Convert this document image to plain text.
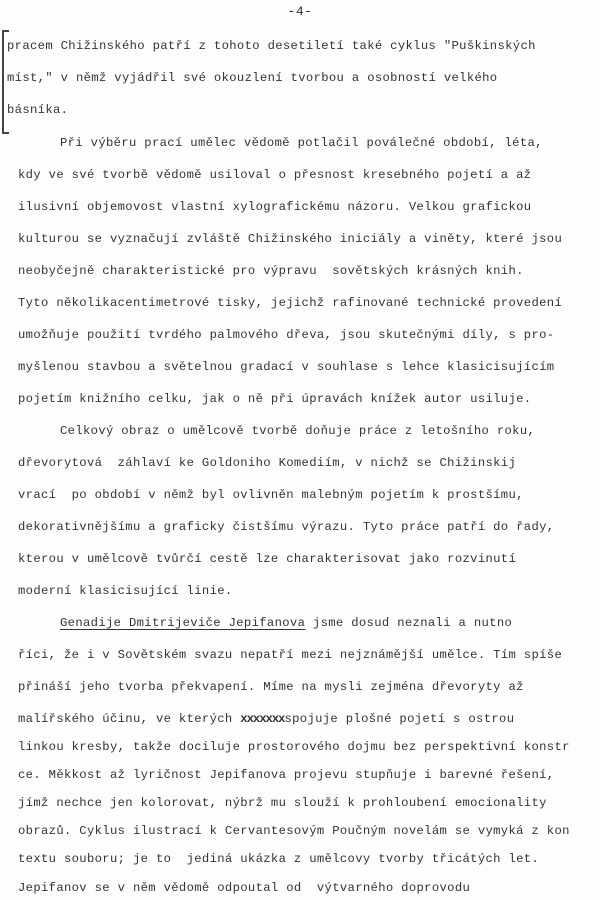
-4-
pracem Chižinského patří z tohoto desetiletí také cyklus "Puškinských
míst," v němž vyjádřil své okouzlení tvorbou a osobností velkého
básníka.
Při výběru prací umělec vědomě potlačil poválečné období, léta,
kdy ve své tvorbě vědomě usiloval o přesnost kresebného pojetí a až
ilusivní objemovost vlastní xylografickému názoru. Velkou grafickou
kulturou se vyznačují zvláště Chižinského iniciály a viněty, které jsou
neobyčejně charakteristické pro výpravu  sovětských krásných knih.
Tyto několikacentimetrové tisky, jejichž rafinované technické provedení
umožňuje použití tvrdého palmového dřeva, jsou skutečnými díly, s pro-
myšlenou stavbou a světelnou gradací v souhlase s lehce klasicisujícím
pojetím knižního celku, jak o ně při úpravách knížek autor usiluje.
Celkový obraz o umělcově tvorbě doňuje práce z letošního roku,
dřevorytová  záhlaví ke Goldoniho Komediím, v nichž se Chižinskij
vrací  po období v němž byl ovlivněn malebným pojetím k prostšímu,
dekorativnějšímu a graficky čistšímu výrazu. Tyto práce patří do řady,
kterou v umělcově tvůrčí cestě lze charakterisovat jako rozvinutí
moderní klasicisující linie.
Genadije Dmitrijeviče Jepifanova jsme dosud neznali a nutno
říci, že i v Sovětském svazu nepatří mezi nejznámější umělce. Tím spíše
přináší jeho tvorba překvapení. Míme na mysli zejména dřevoryty až
malířského účinu, ve kterých xxxxxxxspojuje plošné pojetí s ostrou
linkou kresby, takže dociluje prostorového dojmu bez perspektivní konstr
ce. Měkkost až lyričnost Jepifanova projevu stupňuje i barevné řešení,
jímž nechce jen kolorovat, nýbrž mu slouží k prohloubení emocionality
obrazů. Cyklus ilustrací k Cervantesovým Poučným novelám se vymyká z kon
textu souboru; je to  jediná ukázka z umělcovy tvorby třicátých let.
Jepifanov se v něm vědomě odpoutal od  výtvarného doprovodu
